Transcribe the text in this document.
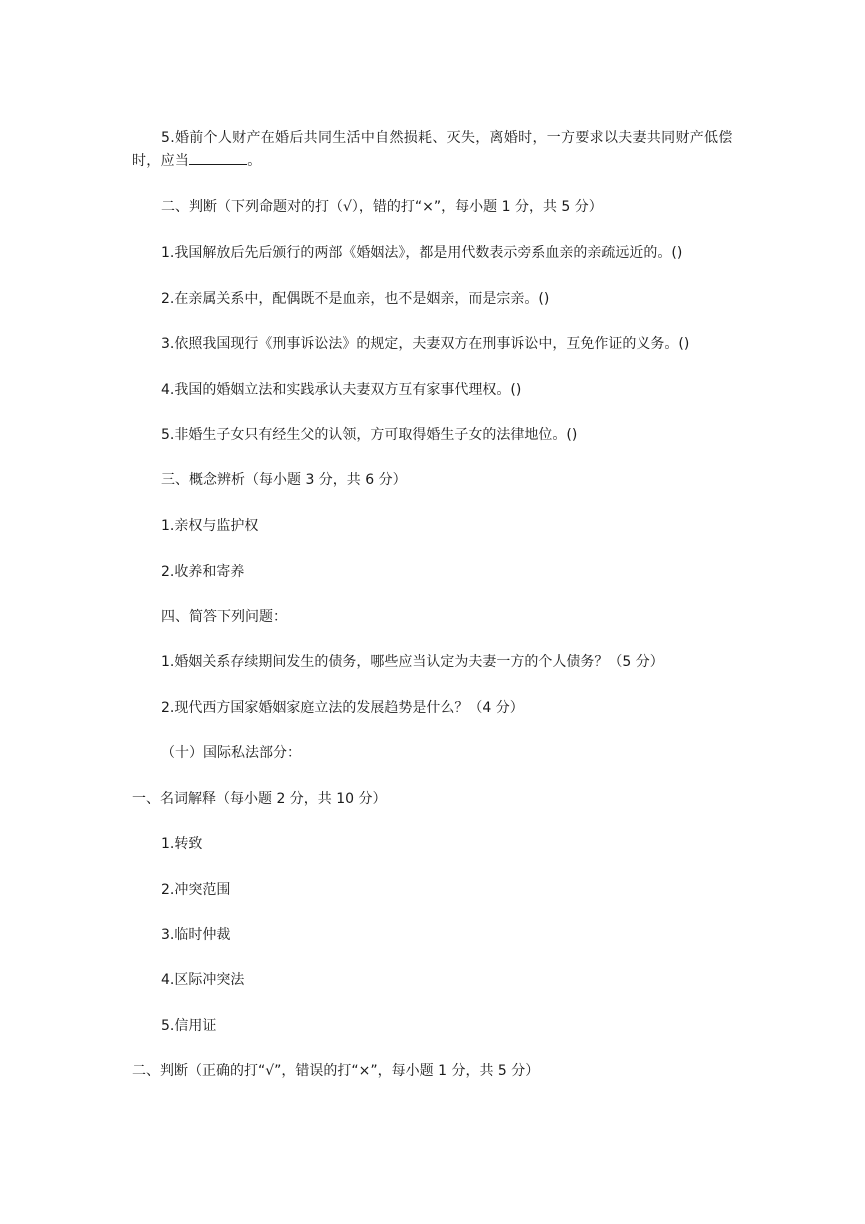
5.婚前个人财产在婚后共同生活中自然损耗、灭失，离婚时，一方要求以夫妻共同财产低偿时，应当	。
二、判断（下列命题对的打（√），错的打“×”，每小题 1 分，共 5 分）
1.我国解放后先后颁行的两部《婚姻法》，都是用代数表示旁系血亲的亲疏远近的。()
2.在亲属关系中，配偶既不是血亲，也不是姻亲，而是宗亲。()
3.依照我国现行《刑事诉讼法》的规定，夫妻双方在刑事诉讼中，互免作证的义务。()
4.我国的婚姻立法和实践承认夫妻双方互有家事代理权。()
5.非婚生子女只有经生父的认领，方可取得婚生子女的法律地位。()
三、概念辨析（每小题 3 分，共 6 分）
1.亲权与监护权
2.收养和寄养
四、简答下列问题：
1.婚姻关系存续期间发生的债务，哪些应当认定为夫妻一方的个人债务？（5 分）
2.现代西方国家婚姻家庭立法的发展趋势是什么？（4 分）
（十）国际私法部分：
一、名词解释（每小题 2 分，共 10 分）
1.转致
2.冲突范围
3.临时仲裁
4.区际冲突法
5.信用证
二、判断（正确的打“√”，错误的打“×”，每小题 1 分，共 5 分）
